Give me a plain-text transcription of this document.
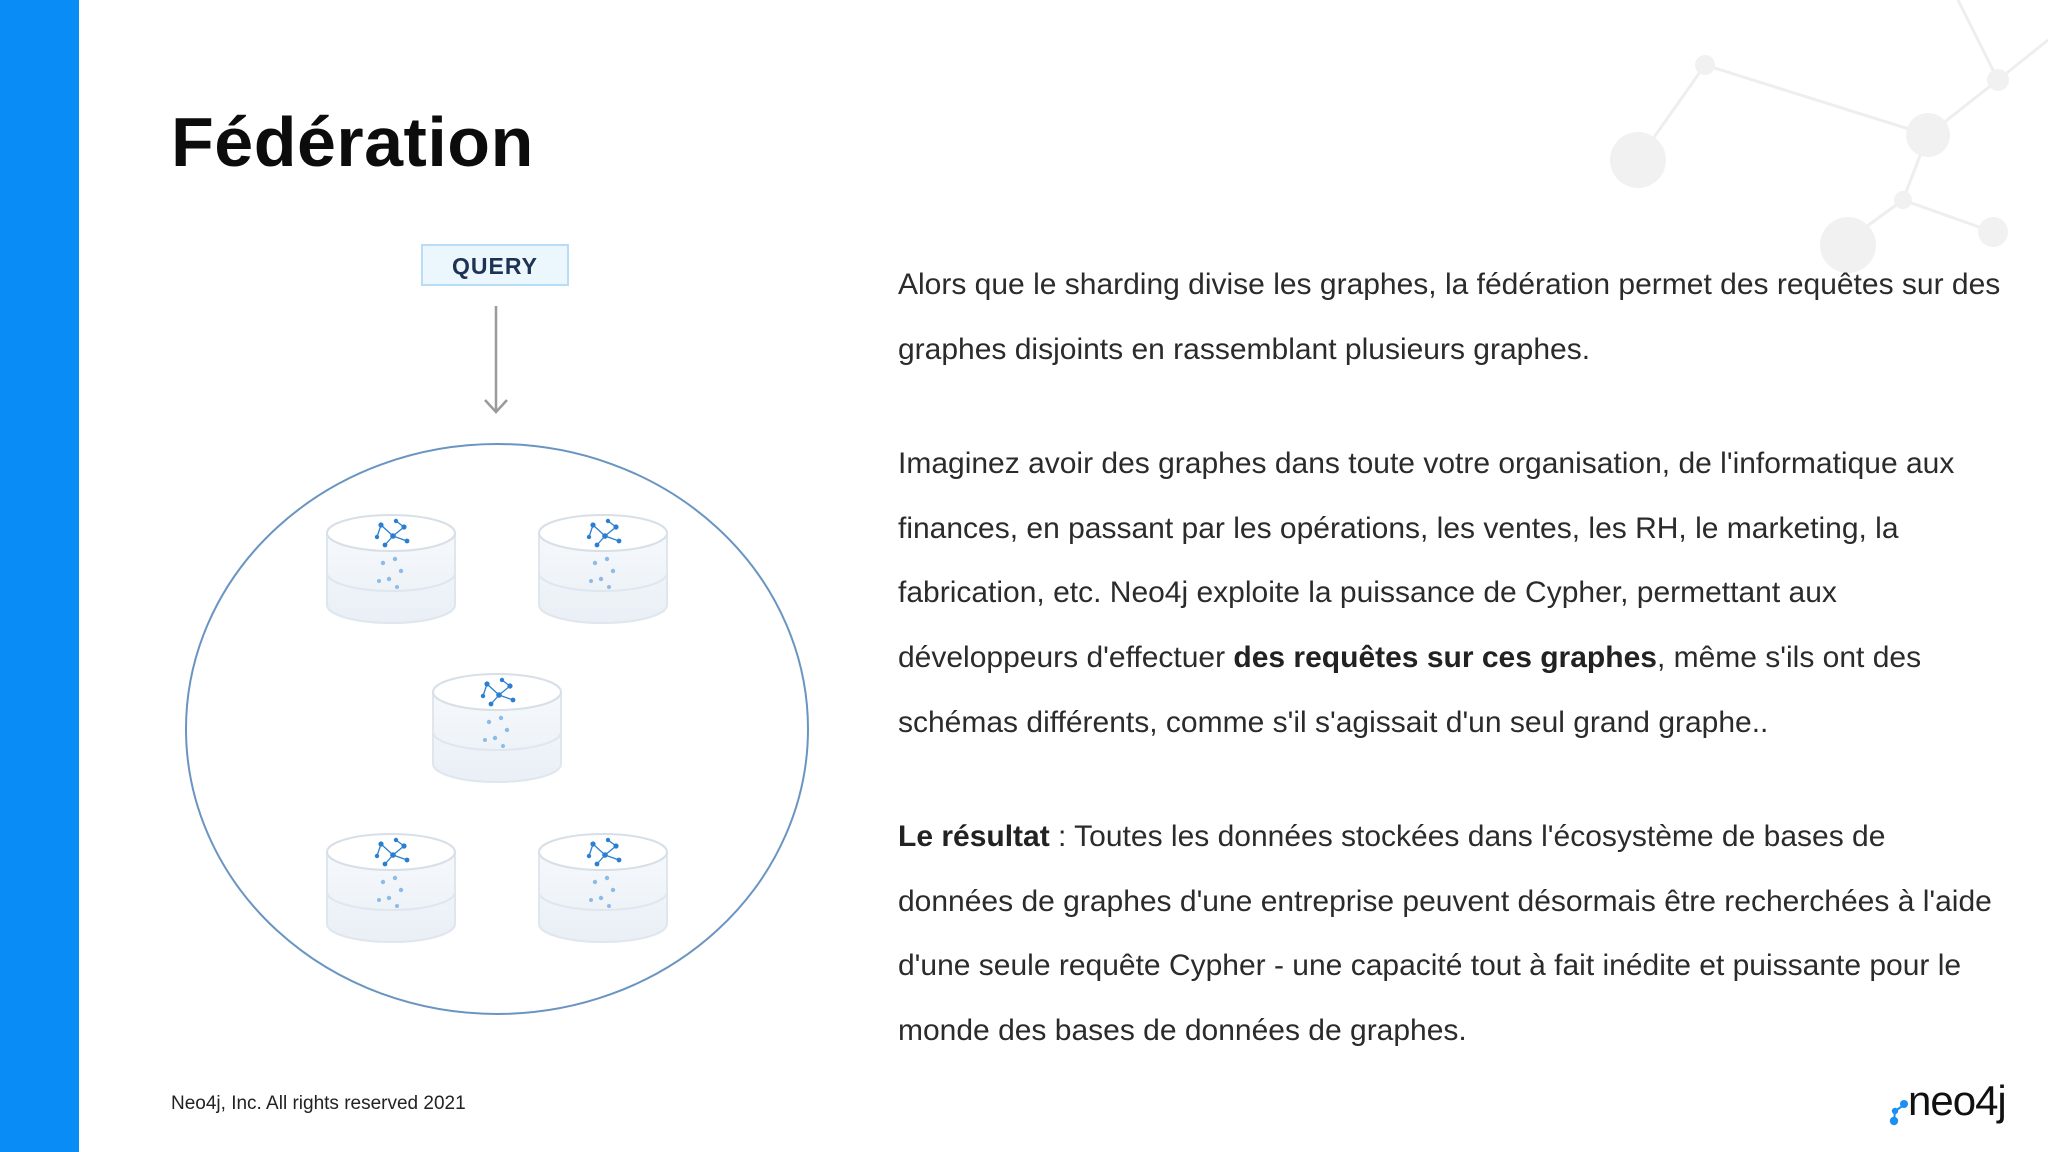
Fédération
QUERY

Alors que le sharding divise les graphes, la fédération permet des requêtes sur des graphes disjoints en rassemblant plusieurs graphes.

Imaginez avoir des graphes dans toute votre organisation, de l'informatique aux finances, en passant par les opérations, les ventes, les RH, le marketing, la fabrication, etc. Neo4j exploite la puissance de Cypher, permettant aux développeurs d'effectuer des requêtes sur ces graphes, même s'ils ont des schémas différents, comme s'il s'agissait d'un seul grand graphe..

Le résultat : Toutes les données stockées dans l'écosystème de bases de données de graphes d'une entreprise peuvent désormais être recherchées à l'aide d'une seule requête Cypher - une capacité tout à fait inédite et puissante pour le monde des bases de données de graphes.

Neo4j, Inc. All rights reserved 2021	neo4j
